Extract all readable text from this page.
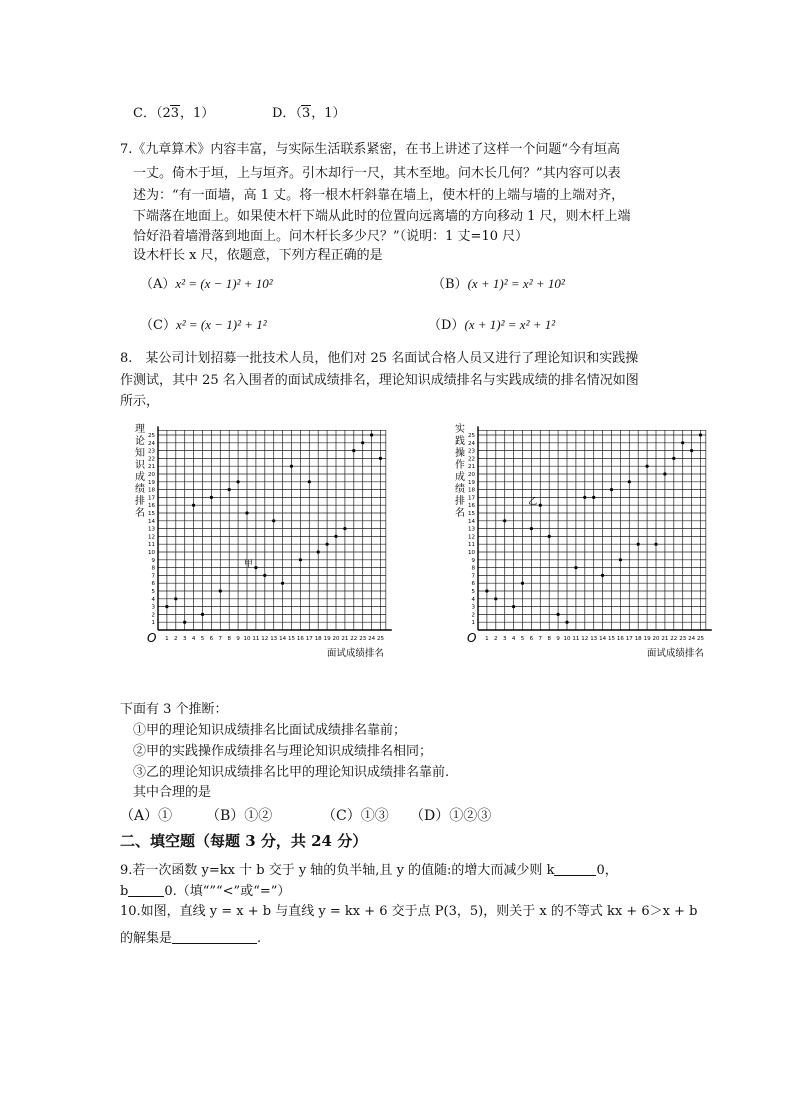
C．（23，1）	D．（3，1）
7.《九章算术》内容丰富，与实际生活联系紧密，在书上讲述了这样一个问题“今有垣高
一丈。倚木于垣，上与垣齐。引木却行一尺，其木至地。问木长几何？”其内容可以表
述为：“有一面墙，高 1 丈。将一根木杆斜靠在墙上，使木杆的上端与墙的上端对齐，
下端落在地面上。如果使木杆下端从此时的位置向远离墙的方向移动 1 尺，则木杆上端
恰好沿着墙滑落到地面上。问木杆长多少尺？”（说明：1 丈=10 尺）
设木杆长 x 尺，依题意，下列方程正确的是
（A）x² = (x − 1)² + 10²	（B）(x + 1)² = x² + 10²
（C）x² = (x − 1)² + 1²	（D）(x + 1)² = x² + 1²
8.　某公司计划招募一批技术人员，他们对 25 名面试合格人员又进行了理论知识和实践操
作测试，其中 25 名入围者的面试成绩排名，理论知识成绩排名与实践成绩的排名情况如图
所示，
O 1 2 3 4 5 6 7 8 9 10 11 12 13 14 15 16 17 18 19 20 21 22 23 24 25
1
2
3
4
5
6
7
8
9
10
11
12
13
14
15
16
17
18
19
20
21
22
23
24
25
理
论
知
识
成
绩
排
名
面试成绩排名
甲
O 1 2 3 4 5 6 7 8 9 10 11 12 13 14 15 16 17 18 19 20 21 22 23 24 25
1
2
3
4
5
6
7
8
9
10
11
12
13
14
15
16
17
18
19
20
21
22
23
24
25
实
践
操
作
成
绩
排
名
面试成绩排名
乙
下面有 3 个推断：
①甲的理论知识成绩排名比面试成绩排名靠前；
②甲的实践操作成绩排名与理论知识成绩排名相同；
③乙的理论知识成绩排名比甲的理论知识成绩排名靠前.
其中合理的是
（A）① （B）①②	（C）①③ （D）①②③
二、填空题（每题 3 分，共 24 分）
9.若一次函数 y=kx 十 b 交于 y 轴的负半轴,且 y 的值随:的增大而减少则 k	0，
b	0.（填“”“<”或“=”）
10.如图，直线 y = x + b 与直线 y = kx + 6 交于点 P(3，5)，则关于 x 的不等式 kx + 6＞x + b
的解集是	.
